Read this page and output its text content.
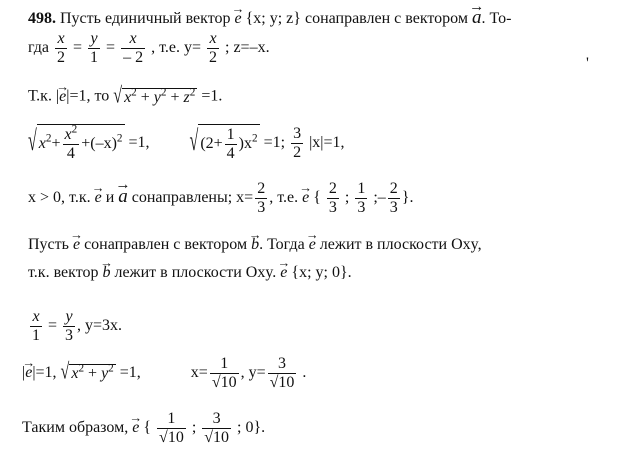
498. Пусть единичный вектор → e {x; y; z} сонаправлен с вектором → a. То-
гда $\frac{x}{2} = \frac{y}{1} = \frac{x}{- 2}$ , т.е. $y= \frac{x}{2}$ ; z=–x.
'
Т.к. |→ e|=1, то √ $x^2 + y^2 + z^2 =1$.
√ $x^2+ \frac{x^2}{4} +(-x)^2 =1$,	√ $(2+ \frac{1}{4} )x^2 =1$; $\frac{3}{2} |x|=1$,
x > 0, т.к. → e и → a сонаправлены; $x= \frac{2}{3}$ , т.е. → e { $\frac{2}{3}$ ; $\frac{1}{3}$ ;– $\frac{2}{3}$ }.
Пусть → e сонаправлен с вектором → b. Тогда → e лежит в плоскости Oxy,
т.к. вектор → b лежит в плоскости Oxy. → e {x; y; 0}.
$\frac{x}{1} = \frac{y}{3}$ , y=3x.
|→ e|=1, √ $x^2 + y^2 =1$,	$x= \frac{1}{√10}$ , $y= \frac{3}{√10}$ .
Таким образом, → e { $\frac{1}{√10}$ ; $\frac{3}{√10}$ ; 0}.
